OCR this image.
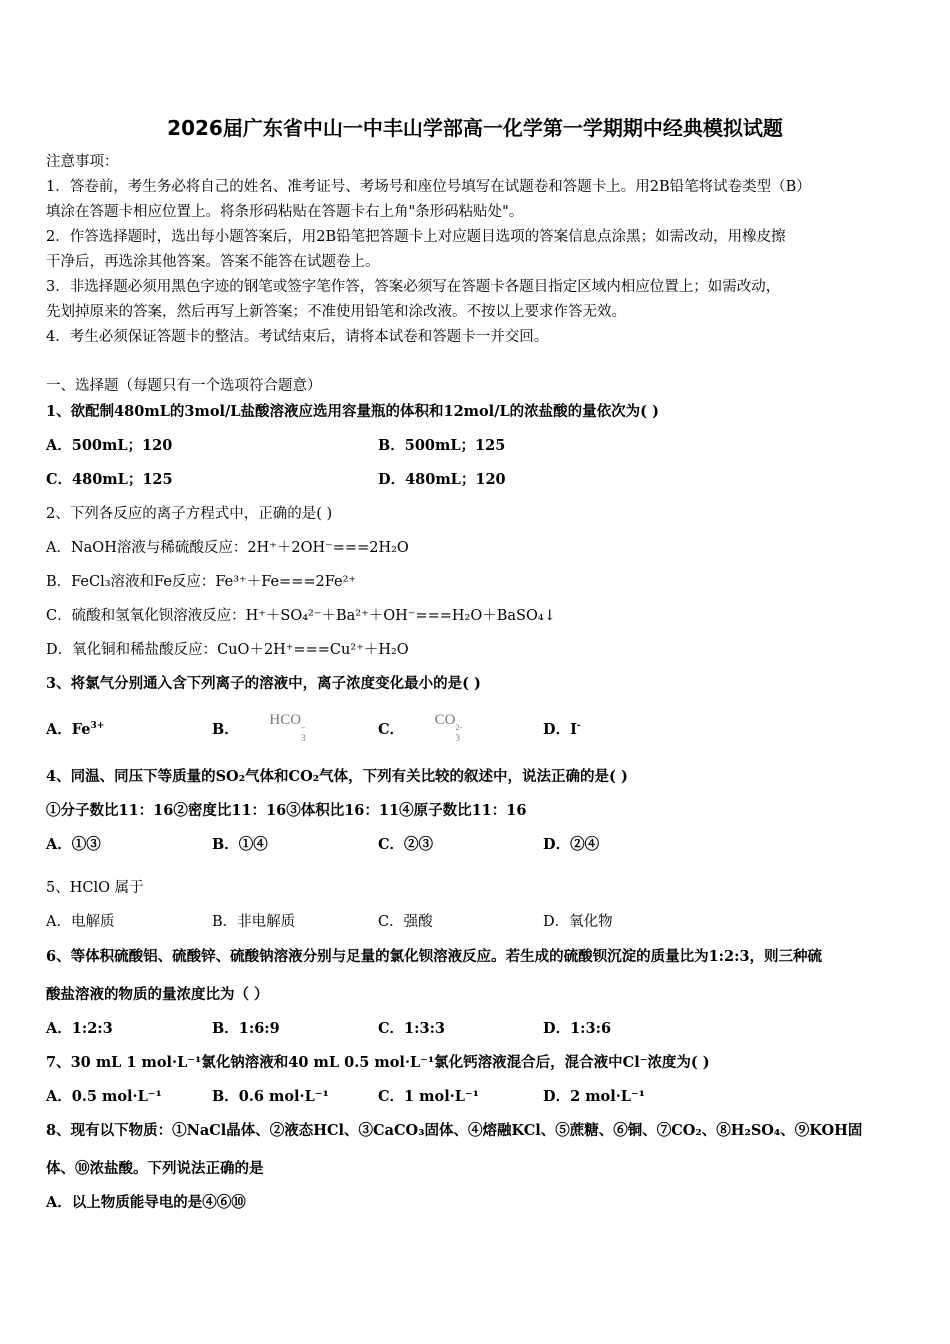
2026届广东省中山一中丰山学部高一化学第一学期期中经典模拟试题
注意事项：
1．答卷前，考生务必将自己的姓名、准考证号、考场号和座位号填写在试题卷和答题卡上。用2B铅笔将试卷类型（B）
填涂在答题卡相应位置上。将条形码粘贴在答题卡右上角"条形码粘贴处"。
2．作答选择题时，选出每小题答案后，用2B铅笔把答题卡上对应题目选项的答案信息点涂黑；如需改动，用橡皮擦
干净后，再选涂其他答案。答案不能答在试题卷上。
3．非选择题必须用黑色字迹的钢笔或签字笔作答，答案必须写在答题卡各题目指定区域内相应位置上；如需改动，
先划掉原来的答案，然后再写上新答案；不准使用铅笔和涂改液。不按以上要求作答无效。
4．考生必须保证答题卡的整洁。考试结束后，请将本试卷和答题卡一并交回。
一、选择题（每题只有一个选项符合题意）
1、欲配制480mL的3mol/L盐酸溶液应选用容量瓶的体积和12mol/L的浓盐酸的量依次为( )
A．500mL；120	B．500mL；125
C．480mL；125	D．480mL；120
2、下列各反应的离子方程式中，正确的是( )
A．NaOH溶液与稀硫酸反应：2H⁺＋2OH⁻===2H₂O
B．FeCl₃溶液和Fe反应：Fe³⁺＋Fe===2Fe²⁺
C．硫酸和氢氧化钡溶液反应：H⁺＋SO₄²⁻＋Ba²⁺＋OH⁻===H₂O＋BaSO₄↓
D．氧化铜和稀盐酸反应：CuO＋2H⁺===Cu²⁺＋H₂O
3、将氯气分别通入含下列离子的溶液中，离子浓度变化最小的是( )
A．$Fe^{3+}$	B． HCO −
3	C． CO 2-
3	D．I-
4、同温、同压下等质量的SO₂气体和CO₂气体，下列有关比较的叙述中，说法正确的是( )
①分子数比11：16②密度比11：16③体积比16：11④原子数比11：16
A．①③	B．①④	C．②③	D．②④
5、HClO 属于
A．电解质	B．非电解质	C．强酸	D．氧化物
6、等体积硫酸铝、硫酸锌、硫酸钠溶液分别与足量的氯化钡溶液反应。若生成的硫酸钡沉淀的质量比为1:2:3，则三种硫
酸盐溶液的物质的量浓度比为（ ）
A．1:2:3	B．1:6:9	C．1:3:3	D．1:3:6
7、30 mL 1 mol·L⁻¹氯化钠溶液和40 mL 0.5 mol·L⁻¹氯化钙溶液混合后，混合液中Cl⁻浓度为( )
A．0.5 mol·L⁻¹	B．0.6 mol·L⁻¹	C．1 mol·L⁻¹	D．2 mol·L⁻¹
8、现有以下物质：①NaCl晶体、②液态HCl、③CaCO₃固体、④熔融KCl、⑤蔗糖、⑥铜、⑦CO₂、⑧H₂SO₄、⑨KOH固
体、⑩浓盐酸。下列说法正确的是
A．以上物质能导电的是④⑥⑩
